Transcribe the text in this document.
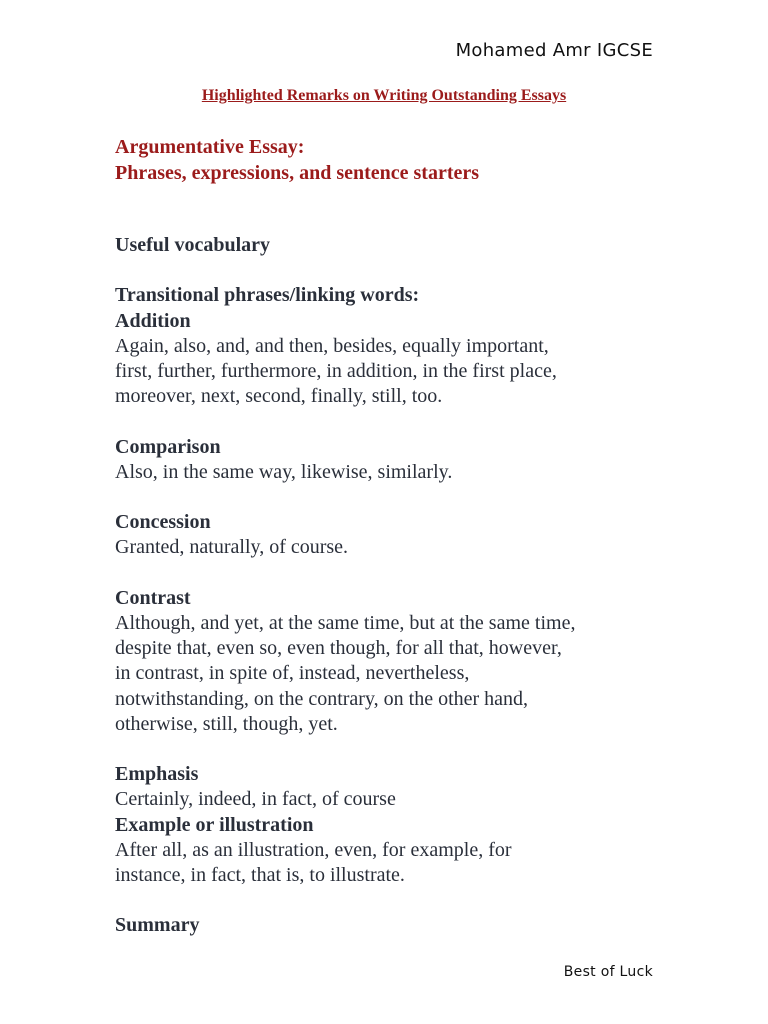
Mohamed Amr IGCSE
Highlighted Remarks on Writing Outstanding Essays
Argumentative Essay:
Phrases, expressions, and sentence starters
Useful vocabulary
Transitional phrases/linking words:
Addition
Again, also, and, and then, besides, equally important,
first, further, furthermore, in addition, in the first place,
moreover, next, second, finally, still, too.
Comparison
Also, in the same way, likewise, similarly.
Concession
Granted, naturally, of course.
Contrast
Although, and yet, at the same time, but at the same time,
despite that, even so, even though, for all that, however,
in contrast, in spite of, instead, nevertheless,
notwithstanding, on the contrary, on the other hand,
otherwise, still, though, yet.
Emphasis
Certainly, indeed, in fact, of course
Example or illustration
After all, as an illustration, even, for example, for
instance, in fact, that is, to illustrate.
Summary
Best of Luck
